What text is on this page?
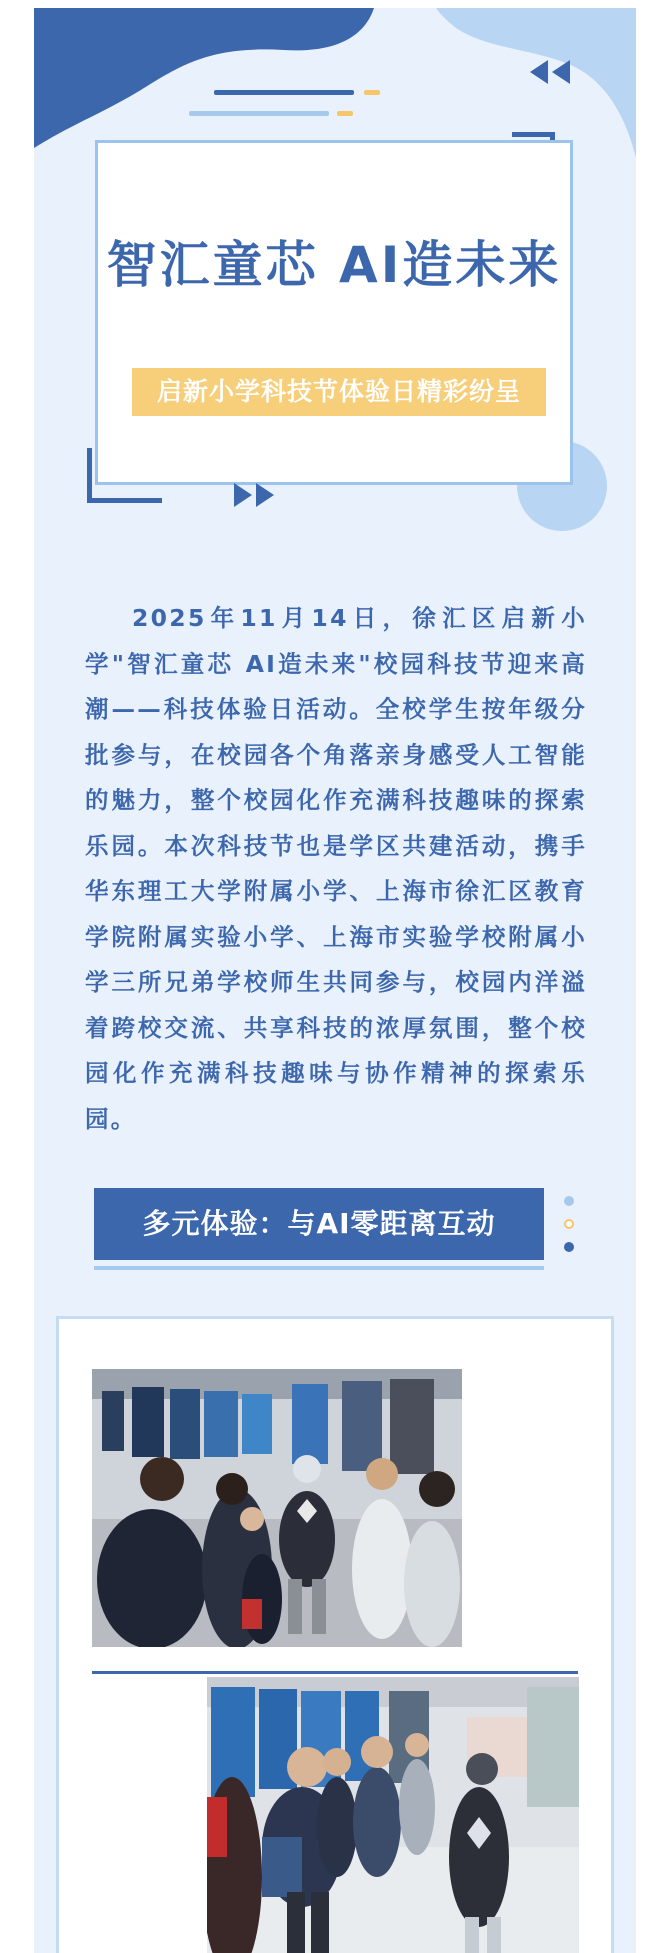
智汇童芯 AI造未来
启新小学科技节体验日精彩纷呈

2025年11月14日，徐汇区启新小学"智汇童芯 AI造未来"校园科技节迎来高潮——科技体验日活动。全校学生按年级分批参与，在校园各个角落亲身感受人工智能的魅力，整个校园化作充满科技趣味的探索乐园。本次科技节也是学区共建活动，携手华东理工大学附属小学、上海市徐汇区教育学院附属实验小学、上海市实验学校附属小学三所兄弟学校师生共同参与，校园内洋溢着跨校交流、共享科技的浓厚氛围，整个校园化作充满科技趣味与协作精神的探索乐园。

多元体验：与AI零距离互动
